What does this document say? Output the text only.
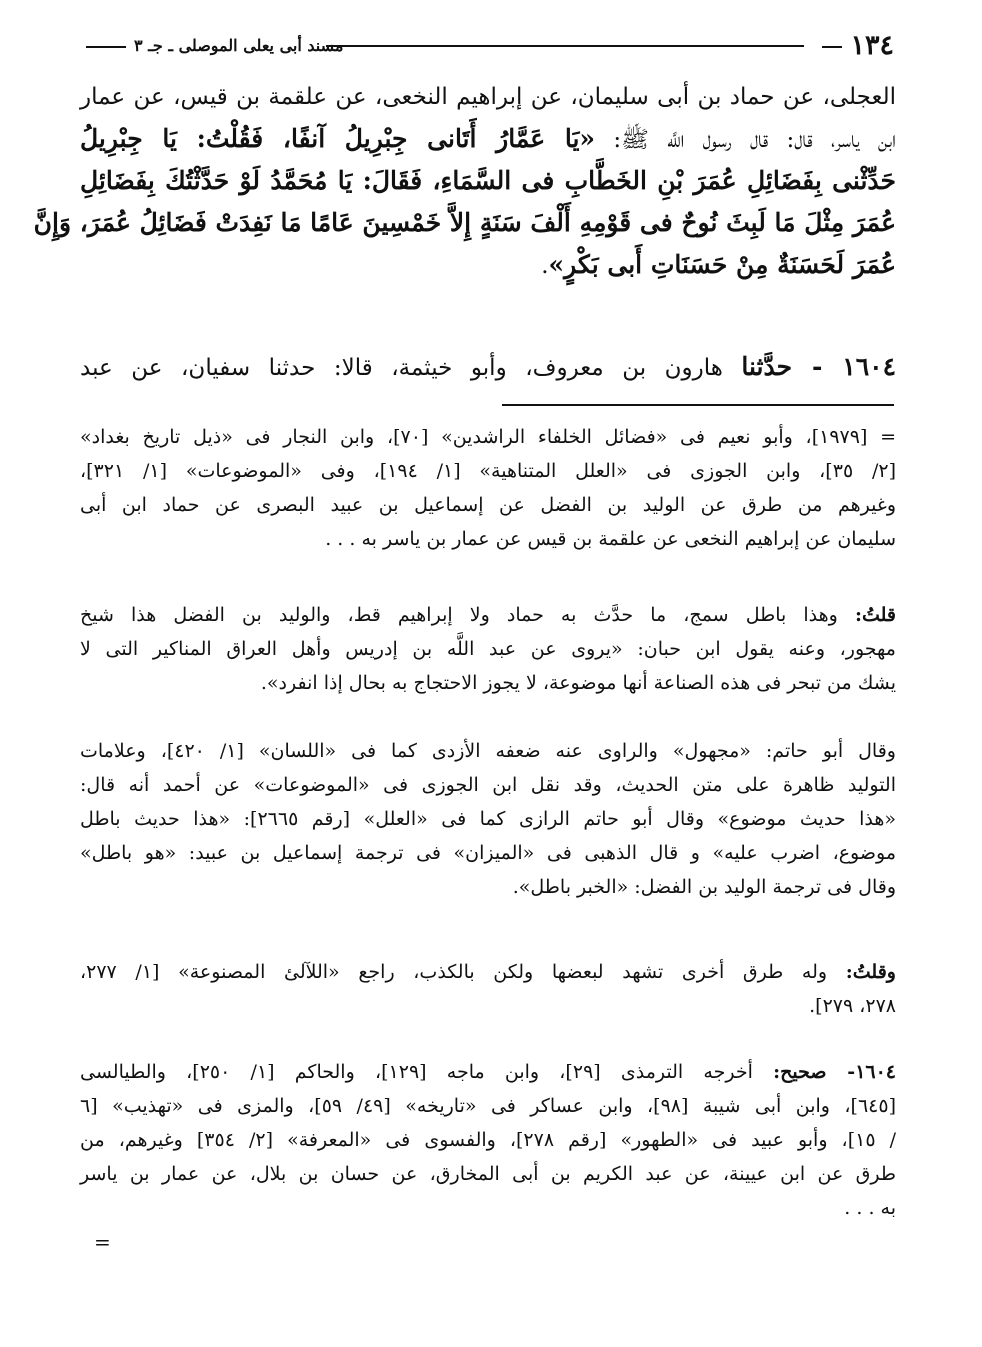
١٣٤
مسند أبى يعلى الموصلى ـ جـ ٣
العجلى، عن حماد بن أبى سليمان، عن إبراهيم النخعى، عن علقمة بن قيس، عن عمار
ابن ياسر، قال: قال رسول اللَّه ﷺ: «يَا عَمَّارُ أَتَانى جِبْرِيلُ آنفًا، فَقُلْتُ: يَا جِبْرِيلُ
حَدِّثْنى بِفَضَائِلِ عُمَرَ بْنِ الخَطَّابِ فى السَّمَاءِ، فَقَالَ: يَا مُحَمَّدُ لَوْ حَدَّثْتُكَ بِفَضَائِلِ
عُمَرَ مِثْلَ مَا لَبِثَ نُوحٌ فى قَوْمِهِ أَلْفَ سَنَةٍ إِلاَّ خَمْسِينَ عَامًا مَا نَفِدَتْ فَضَائِلُ عُمَرَ، وَإِنَّ
عُمَرَ لَحَسَنَةٌ مِنْ حَسَنَاتِ أَبى بَكْرٍ».
١٦٠٤ - حدَّثنا هارون بن معروف، وأبو خيثمة، قالا: حدثنا سفيان، عن عبد
= [١٩٧٩]، وأبو نعيم فى «فضائل الخلفاء الراشدين» [٧٠]، وابن النجار فى «ذيل تاريخ بغداد»
[٢/ ٣٥]، وابن الجوزى فى «العلل المتناهية» [١/ ١٩٤]، وفى «الموضوعات» [١/ ٣٢١]،
وغيرهم من طرق عن الوليد بن الفضل عن إسماعيل بن عبيد البصرى عن حماد ابن أبى
سليمان عن إبراهيم النخعى عن علقمة بن قيس عن عمار بن ياسر به . . .
قلتُ: وهذا باطل سمج، ما حدَّث به حماد ولا إبراهيم قط، والوليد بن الفضل هذا شيخ
مهجور، وعنه يقول ابن حبان: «يروى عن عبد اللَّه بن إدريس وأهل العراق المناكير التى لا
يشك من تبحر فى هذه الصناعة أنها موضوعة، لا يجوز الاحتجاج به بحال إذا انفرد».
وقال أبو حاتم: «مجهول» والراوى عنه ضعفه الأزدى كما فى «اللسان» [١/ ٤٢٠]، وعلامات
التوليد ظاهرة على متن الحديث، وقد نقل ابن الجوزى فى «الموضوعات» عن أحمد أنه قال:
«هذا حديث موضوع» وقال أبو حاتم الرازى كما فى «العلل» [رقم ٢٦٦٥]: «هذا حديث باطل
موضوع، اضرب عليه» و قال الذهبى فى «الميزان» فى ترجمة إسماعيل بن عبيد: «هو باطل»
وقال فى ترجمة الوليد بن الفضل: «الخبر باطل».
وقلتُ: وله طرق أخرى تشهد لبعضها ولكن بالكذب، راجع «اللآلئ المصنوعة» [١/ ٢٧٧،
٢٧٨، ٢٧٩].
١٦٠٤- صحيح: أخرجه الترمذى [٢٩]، وابن ماجه [١٢٩]، والحاكم [١/ ٢٥٠]، والطيالسى
[٦٤٥]، وابن أبى شيبة [٩٨]، وابن عساكر فى «تاريخه» [٤٩/ ٥٩]، والمزى فى «تهذيب» [٦
/ ١٥]، وأبو عبيد فى «الطهور» [رقم ٢٧٨]، والفسوى فى «المعرفة» [٢/ ٣٥٤] وغيرهم، من
طرق عن ابن عيينة، عن عبد الكريم بن أبى المخارق، عن حسان بن بلال، عن عمار بن ياسر
به . . .
=
